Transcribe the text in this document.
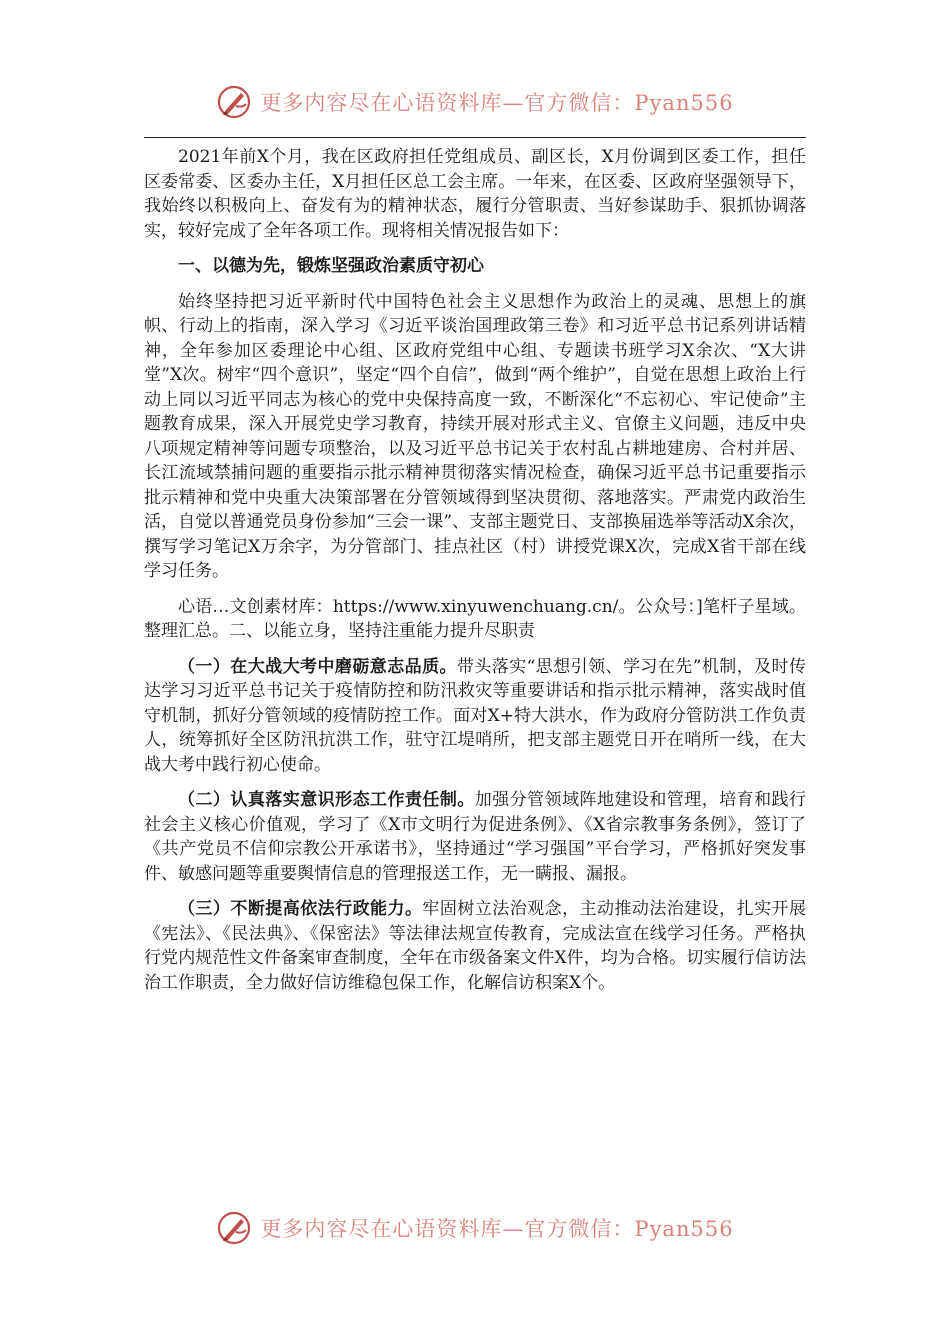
更多内容尽在心语资料库—官方微信：Pyan556

2021年前X个月，我在区政府担任党组成员、副区长，X月份调到区委工作，担任区委常委、区委办主任，X月担任区总工会主席。一年来，在区委、区政府坚强领导下，我始终以积极向上、奋发有为的精神状态，履行分管职责、当好参谋助手、狠抓协调落实，较好完成了全年各项工作。现将相关情况报告如下：

一、以德为先，锻炼坚强政治素质守初心

始终坚持把习近平新时代中国特色社会主义思想作为政治上的灵魂、思想上的旗帜、行动上的指南，深入学习《习近平谈治国理政第三卷》和习近平总书记系列讲话精神，全年参加区委理论中心组、区政府党组中心组、专题读书班学习X余次、“X大讲堂”X次。树牢“四个意识”，坚定“四个自信”，做到“两个维护”，自觉在思想上政治上行动上同以习近平同志为核心的党中央保持高度一致，不断深化“不忘初心、牢记使命”主题教育成果，深入开展党史学习教育，持续开展对形式主义、官僚主义问题，违反中央八项规定精神等问题专项整治，以及习近平总书记关于农村乱占耕地建房、合村并居、长江流域禁捕问题的重要指示批示精神贯彻落实情况检查，确保习近平总书记重要指示批示精神和党中央重大决策部署在分管领域得到坚决贯彻、落地落实。严肃党内政治生活，自觉以普通党员身份参加“三会一课”、支部主题党日、支部换届选举等活动X余次，撰写学习笔记X万余字，为分管部门、挂点社区（村）讲授党课X次，完成X省干部在线学习任务。

心语…文创素材库：https://www.xinyuwenchuang.cn/。公众号：]笔杆子星域。整理汇总。二、以能立身，坚持注重能力提升尽职责

（一）在大战大考中磨砺意志品质。带头落实“思想引领、学习在先”机制，及时传达学习习近平总书记关于疫情防控和防汛救灾等重要讲话和指示批示精神，落实战时值守机制，抓好分管领域的疫情防控工作。面对X+特大洪水，作为政府分管防洪工作负责人，统筹抓好全区防汛抗洪工作，驻守江堤哨所，把支部主题党日开在哨所一线，在大战大考中践行初心使命。

（二）认真落实意识形态工作责任制。加强分管领域阵地建设和管理，培育和践行社会主义核心价值观，学习了《X市文明行为促进条例》、《X省宗教事务条例》，签订了《共产党员不信仰宗教公开承诺书》，坚持通过“学习强国”平台学习，严格抓好突发事件、敏感问题等重要舆情信息的管理报送工作，无一瞒报、漏报。

（三）不断提高依法行政能力。牢固树立法治观念，主动推动法治建设，扎实开展《宪法》、《民法典》、《保密法》等法律法规宣传教育，完成法宣在线学习任务。严格执行党内规范性文件备案审查制度，全年在市级备案文件X件，均为合格。切实履行信访法治工作职责，全力做好信访维稳包保工作，化解信访积案X个。

更多内容尽在心语资料库—官方微信：Pyan556
